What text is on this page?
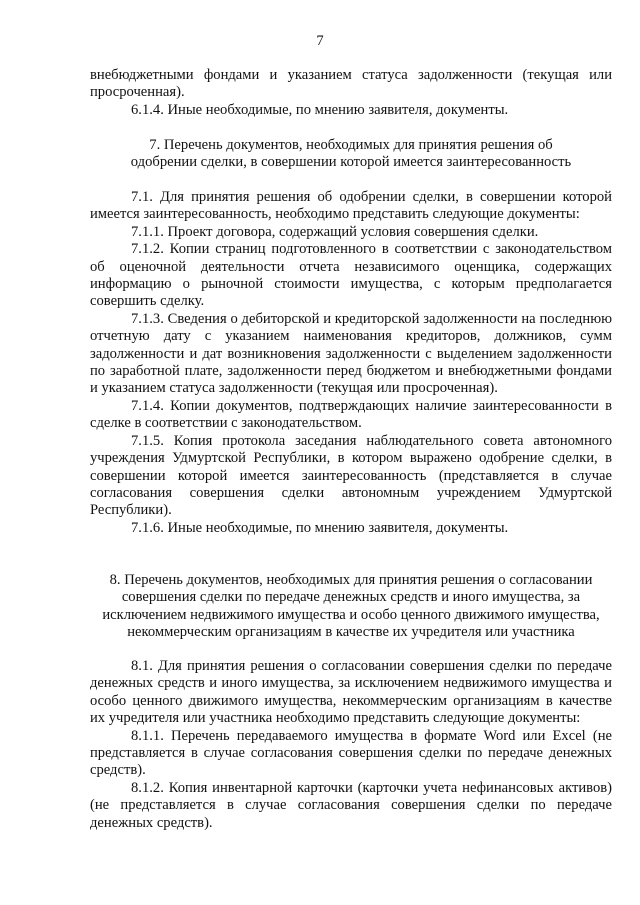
7
внебюджетными фондами и указанием статуса задолженности (текущая или просроченная).
6.1.4. Иные необходимые, по мнению заявителя, документы.
7. Перечень документов, необходимых для принятия решения об одобрении сделки, в совершении которой имеется заинтересованность
7.1. Для принятия решения об одобрении сделки, в совершении которой имеется заинтересованность, необходимо представить следующие документы:
7.1.1. Проект договора, содержащий условия совершения сделки.
7.1.2. Копии страниц подготовленного в соответствии с законодательством об оценочной деятельности отчета независимого оценщика, содержащих информацию о рыночной стоимости имущества, с которым предполагается совершить сделку.
7.1.3. Сведения о дебиторской и кредиторской задолженности на последнюю отчетную дату с указанием наименования кредиторов, должников, сумм задолженности и дат возникновения задолженности с выделением задолженности по заработной плате, задолженности перед бюджетом и внебюджетными фондами и указанием статуса задолженности (текущая или просроченная).
7.1.4. Копии документов, подтверждающих наличие заинтересованности в сделке в соответствии с законодательством.
7.1.5. Копия протокола заседания наблюдательного совета автономного учреждения Удмуртской Республики, в котором выражено одобрение сделки, в совершении которой имеется заинтересованность (представляется в случае согласования совершения сделки автономным учреждением Удмуртской Республики).
7.1.6. Иные необходимые, по мнению заявителя, документы.
8. Перечень документов, необходимых для принятия решения о согласовании совершения сделки по передаче денежных средств и иного имущества, за исключением недвижимого имущества и особо ценного движимого имущества, некоммерческим организациям в качестве их учредителя или участника
8.1. Для принятия решения о согласовании совершения сделки по передаче денежных средств и иного имущества, за исключением недвижимого имущества и особо ценного движимого имущества, некоммерческим организациям в качестве их учредителя или участника необходимо представить следующие документы:
8.1.1. Перечень передаваемого имущества в формате Word или Excel (не представляется в случае согласования совершения сделки по передаче денежных средств).
8.1.2. Копия инвентарной карточки (карточки учета нефинансовых активов) (не представляется в случае согласования совершения сделки по передаче денежных средств).
